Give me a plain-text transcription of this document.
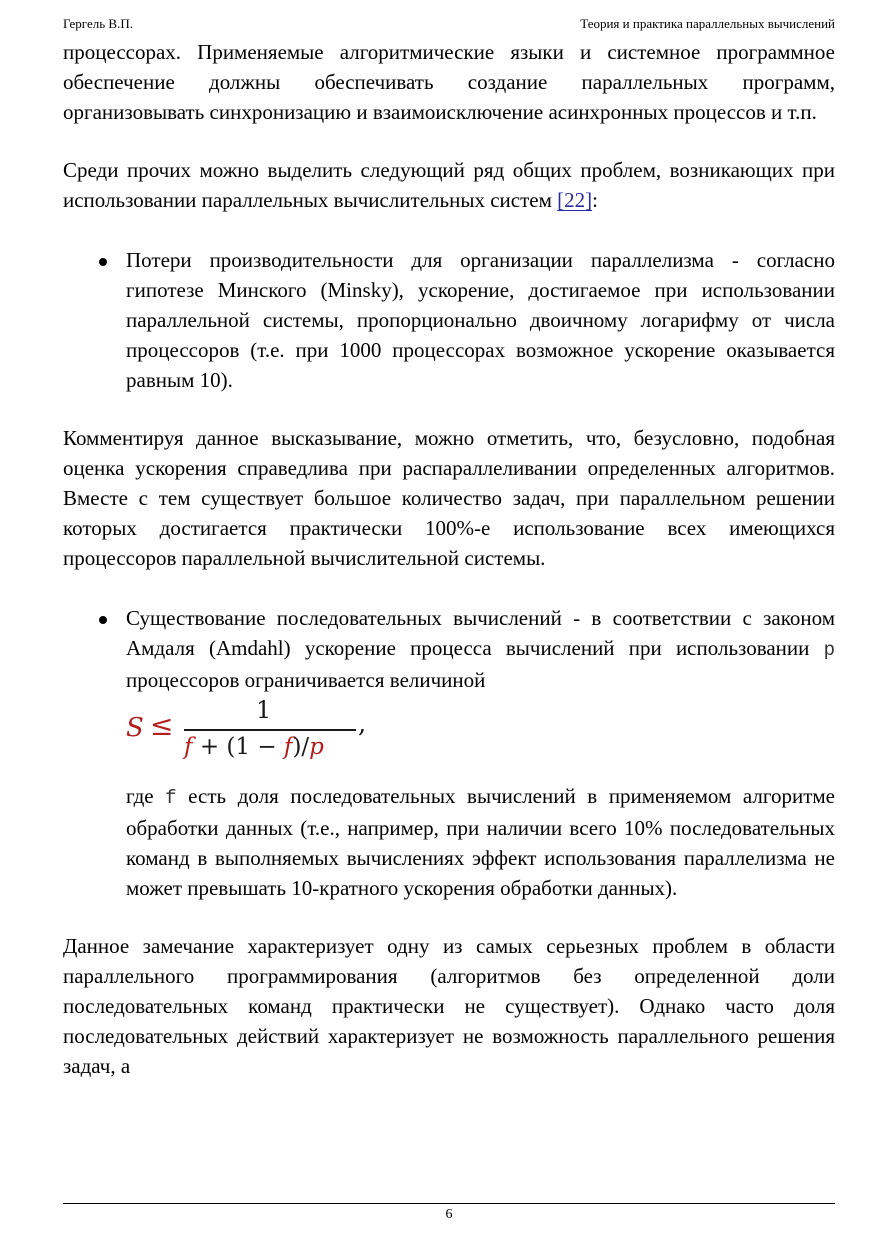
Гергель В.П.	Теория и практика параллельных вычислений

процессорах. Применяемые алгоритмические языки и системное программное обеспечение должны обеспечивать создание параллельных программ, организовывать синхронизацию и взаимоисключение асинхронных процессов и т.п.

Среди прочих можно выделить следующий ряд общих проблем, возникающих при использовании параллельных вычислительных систем [22]:

Потери производительности для организации параллелизма - согласно гипотезе Минского (Minsky), ускорение, достигаемое при использовании параллельной системы, пропорционально двоичному логарифму от числа процессоров (т.е. при 1000 процессорах возможное ускорение оказывается равным 10).

Комментируя данное высказывание, можно отметить, что, безусловно, подобная оценка ускорения справедлива при распараллеливании определенных алгоритмов. Вместе с тем существует большое количество задач, при параллельном решении которых достигается практически 100%-е использование всех имеющихся процессоров параллельной вычислительной системы.

Существование последовательных вычислений - в соответствии с законом Амдаля (Amdahl) ускорение процесса вычислений при использовании p процессоров ограничивается величиной
S ≤	1
f + (1 − f)/p
,
где f есть доля последовательных вычислений в применяемом алгоритме обработки данных (т.е., например, при наличии всего 10% последовательных команд в выполняемых вычислениях эффект использования параллелизма не может превышать 10-кратного ускорения обработки данных).

Данное замечание характеризует одну из самых серьезных проблем в области параллельного программирования (алгоритмов без определенной доли последовательных команд практически не существует). Однако часто доля последовательных действий характеризует не возможность параллельного решения задач, а

6
